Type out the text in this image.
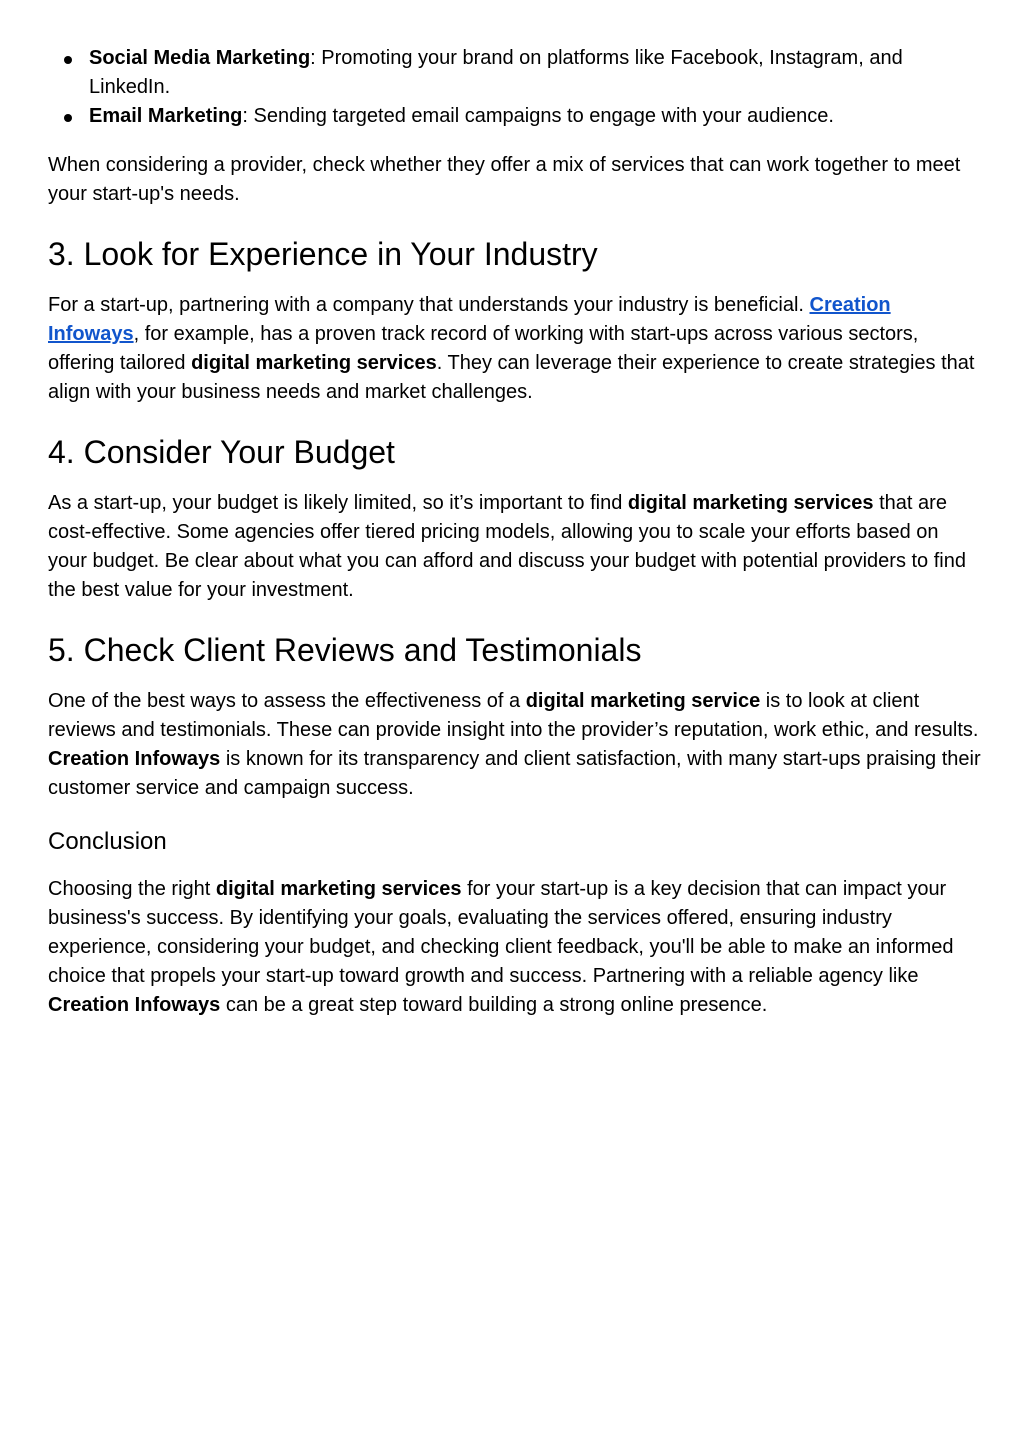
Social Media Marketing: Promoting your brand on platforms like Facebook, Instagram, and LinkedIn.
Email Marketing: Sending targeted email campaigns to engage with your audience.

When considering a provider, check whether they offer a mix of services that can work together to meet your start-up's needs.

3. Look for Experience in Your Industry

For a start-up, partnering with a company that understands your industry is beneficial. Creation Infoways, for example, has a proven track record of working with start-ups across various sectors, offering tailored digital marketing services. They can leverage their experience to create strategies that align with your business needs and market challenges.

4. Consider Your Budget

As a start-up, your budget is likely limited, so it’s important to find digital marketing services that are cost-effective. Some agencies offer tiered pricing models, allowing you to scale your efforts based on your budget. Be clear about what you can afford and discuss your budget with potential providers to find the best value for your investment.

5. Check Client Reviews and Testimonials

One of the best ways to assess the effectiveness of a digital marketing service is to look at client reviews and testimonials. These can provide insight into the provider’s reputation, work ethic, and results. Creation Infoways is known for its transparency and client satisfaction, with many start-ups praising their customer service and campaign success.

Conclusion

Choosing the right digital marketing services for your start-up is a key decision that can impact your business's success. By identifying your goals, evaluating the services offered, ensuring industry experience, considering your budget, and checking client feedback, you'll be able to make an informed choice that propels your start-up toward growth and success. Partnering with a reliable agency like Creation Infoways can be a great step toward building a strong online presence.
